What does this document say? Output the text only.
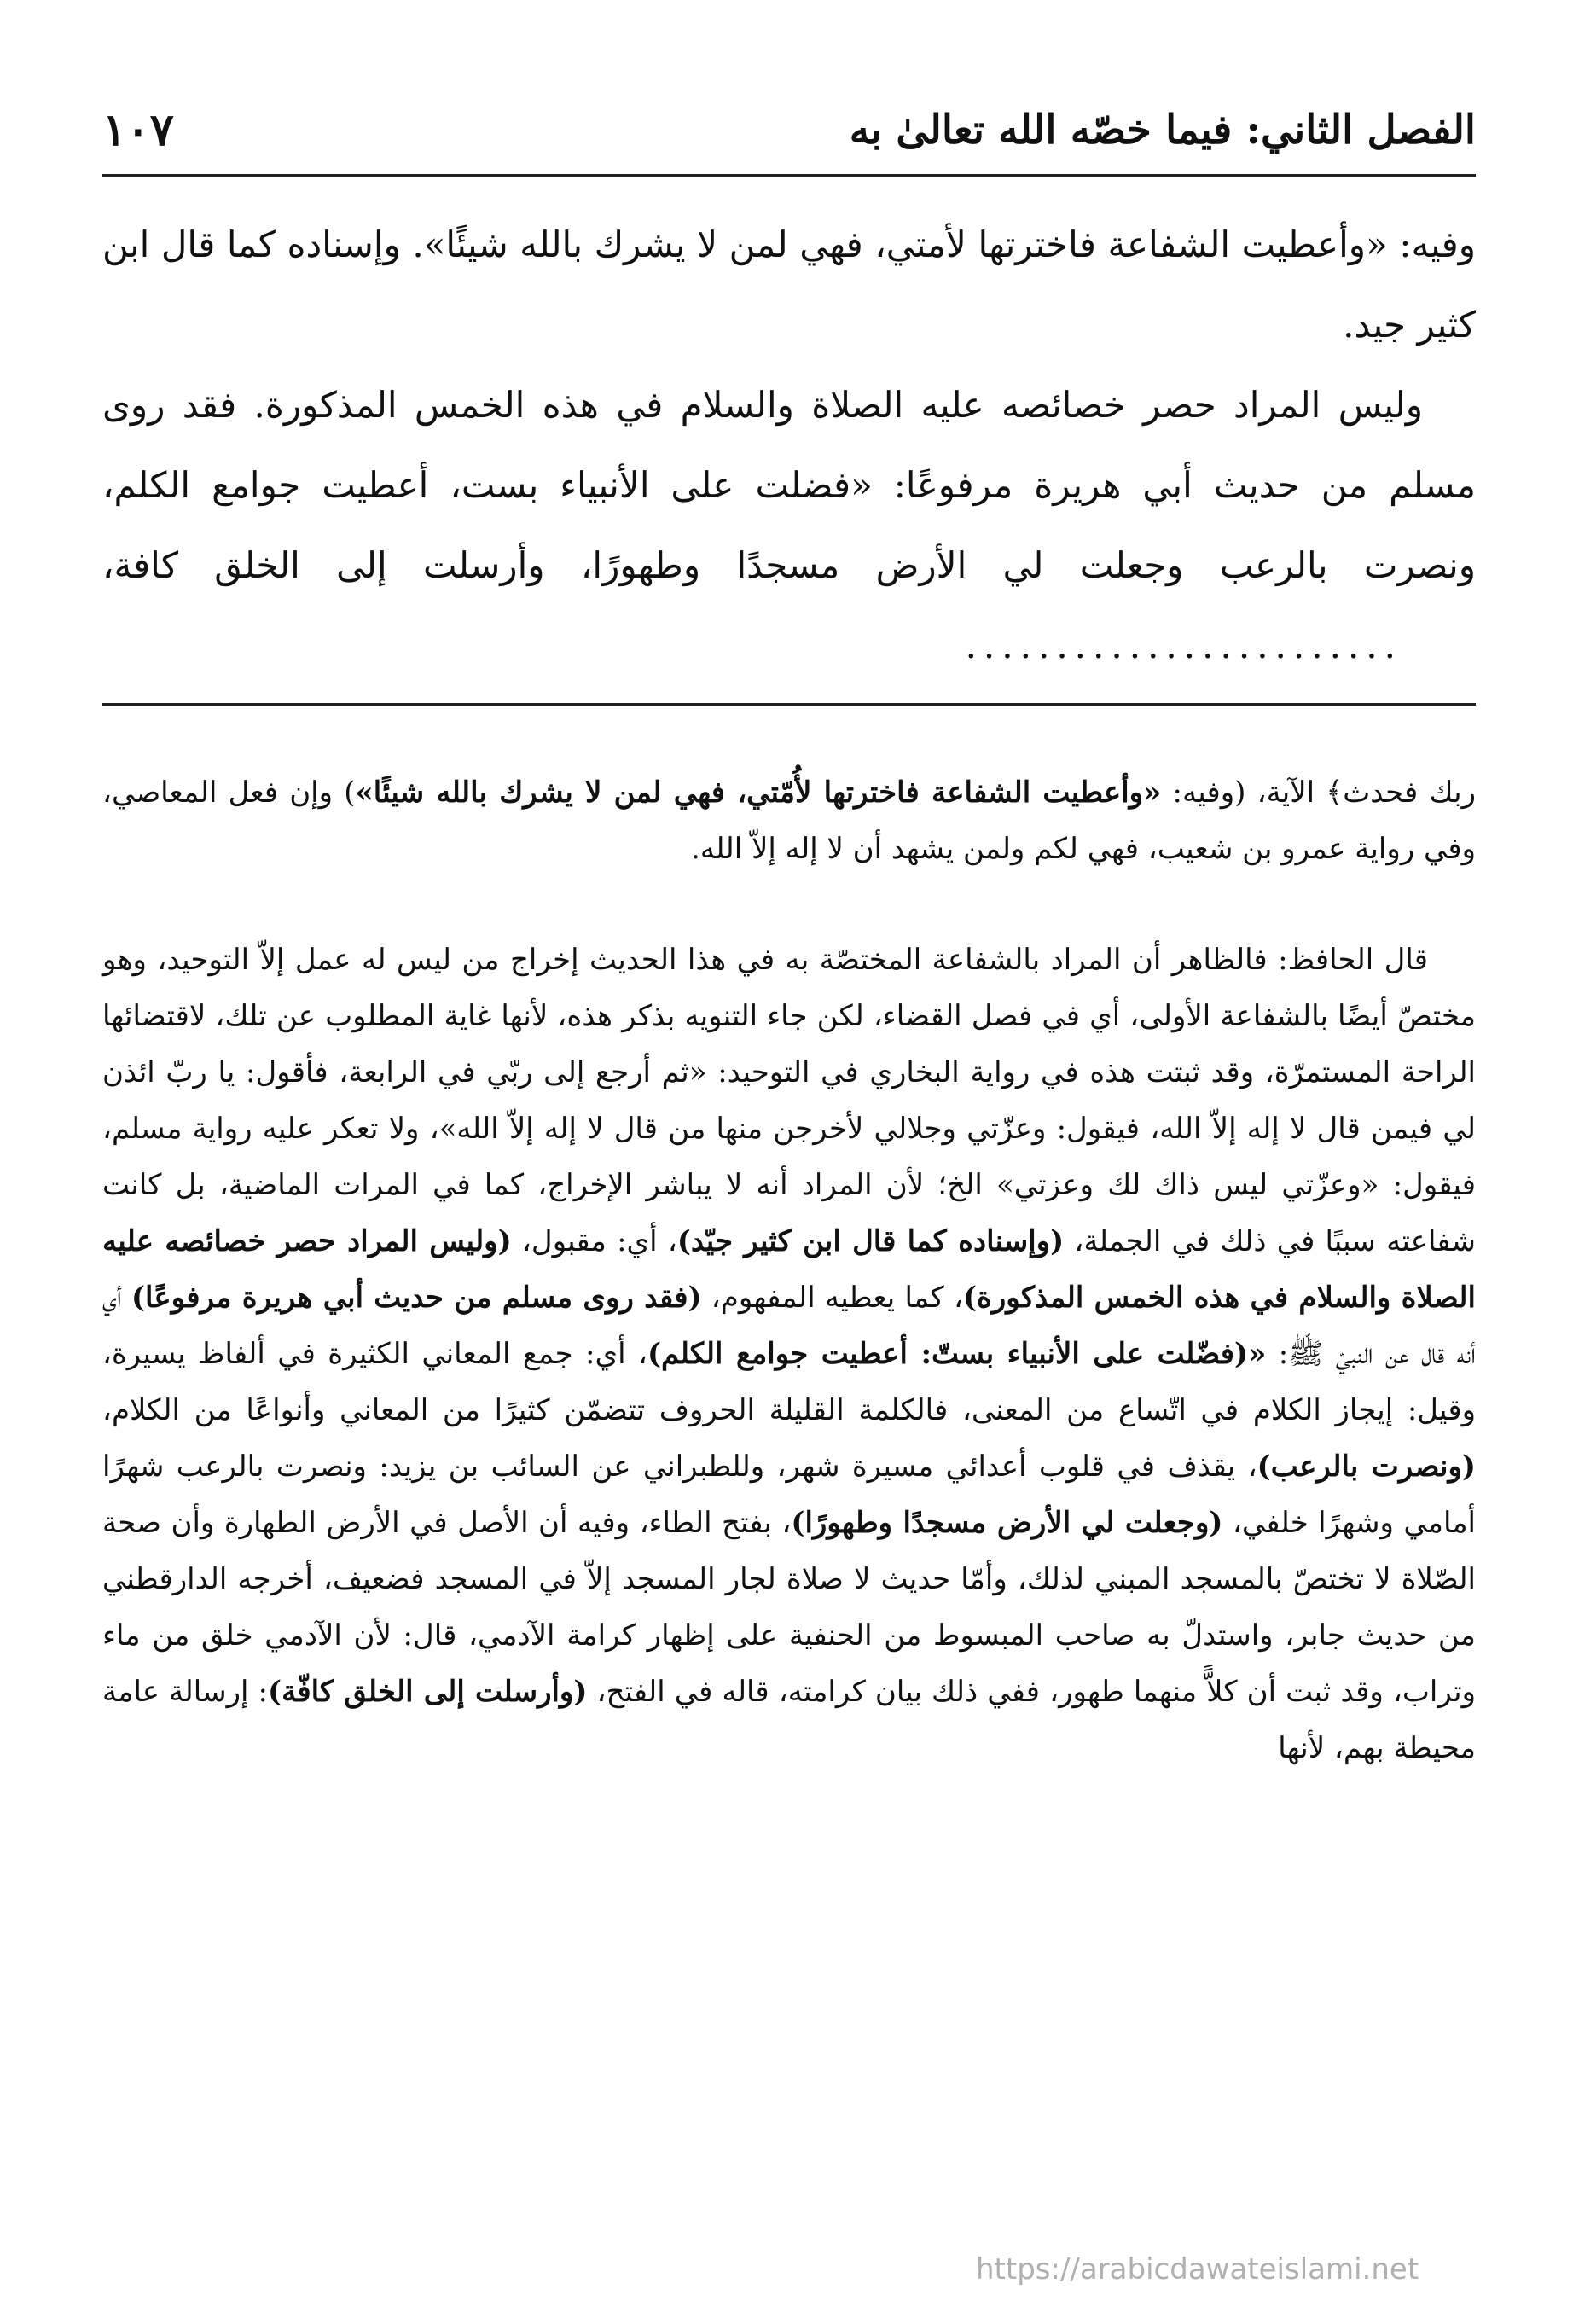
الفصل الثاني: فيما خصّه الله تعالىٰ به
١٠٧

وفيه: «وأعطيت الشفاعة فاخترتها لأمتي، فهي لمن لا يشرك بالله شيئًا». وإسناده كما قال ابن كثير جيد.

وليس المراد حصر خصائصه عليه الصلاة والسلام في هذه الخمس المذكورة. فقد روى مسلم من حديث أبي هريرة مرفوعًا: «فضلت على الأنبياء بست، أعطيت جوامع الكلم، ونصرت بالرعب وجعلت لي الأرض مسجدًا وطهورًا، وأرسلت إلى الخلق كافة،........................

ربك فحدث﴾ الآية، (وفيه: «وأعطيت الشفاعة فاخترتها لأُمّتي، فهي لمن لا يشرك بالله شيئًا») وإن فعل المعاصي، وفي رواية عمرو بن شعيب، فهي لكم ولمن يشهد أن لا إله إلاّ الله.

قال الحافظ: فالظاهر أن المراد بالشفاعة المختصّة به في هذا الحديث إخراج من ليس له عمل إلاّ التوحيد، وهو مختصّ أيضًا بالشفاعة الأولى، أي في فصل القضاء، لكن جاء التنويه بذكر هذه، لأنها غاية المطلوب عن تلك، لاقتضائها الراحة المستمرّة، وقد ثبتت هذه في رواية البخاري في التوحيد: «ثم أرجع إلى ربّي في الرابعة، فأقول: يا ربّ ائذن لي فيمن قال لا إله إلاّ الله، فيقول: وعزّتي وجلالي لأخرجن منها من قال لا إله إلاّ الله»، ولا تعكر عليه رواية مسلم، فيقول: «وعزّتي ليس ذاك لك وعزتي» الخ؛ لأن المراد أنه لا يباشر الإخراج، كما في المرات الماضية، بل كانت شفاعته سببًا في ذلك في الجملة، (وإسناده كما قال ابن كثير جيّد)، أي: مقبول، (وليس المراد حصر خصائصه عليه الصلاة والسلام في هذه الخمس المذكورة)، كما يعطيه المفهوم، (فقد روى مسلم من حديث أبي هريرة مرفوعًا) أي أنه قال عن النبيّ ﷺ: «(فضّلت على الأنبياء بستّ: أعطيت جوامع الكلم)، أي: جمع المعاني الكثيرة في ألفاظ يسيرة، وقيل: إيجاز الكلام في اتّساع من المعنى، فالكلمة القليلة الحروف تتضمّن كثيرًا من المعاني وأنواعًا من الكلام، (ونصرت بالرعب)، يقذف في قلوب أعدائي مسيرة شهر، وللطبراني عن السائب بن يزيد: ونصرت بالرعب شهرًا أمامي وشهرًا خلفي، (وجعلت لي الأرض مسجدًا وطهورًا)، بفتح الطاء، وفيه أن الأصل في الأرض الطهارة وأن صحة الصّلاة لا تختصّ بالمسجد المبني لذلك، وأمّا حديث لا صلاة لجار المسجد إلاّ في المسجد فضعيف، أخرجه الدارقطني من حديث جابر، واستدلّ به صاحب المبسوط من الحنفية على إظهار كرامة الآدمي، قال: لأن الآدمي خلق من ماء وتراب، وقد ثبت أن كلاًّ منهما طهور، ففي ذلك بيان كرامته، قاله في الفتح، (وأرسلت إلى الخلق كافّة): إرسالة عامة محيطة بهم، لأنها

https://arabicdawateislami.net
